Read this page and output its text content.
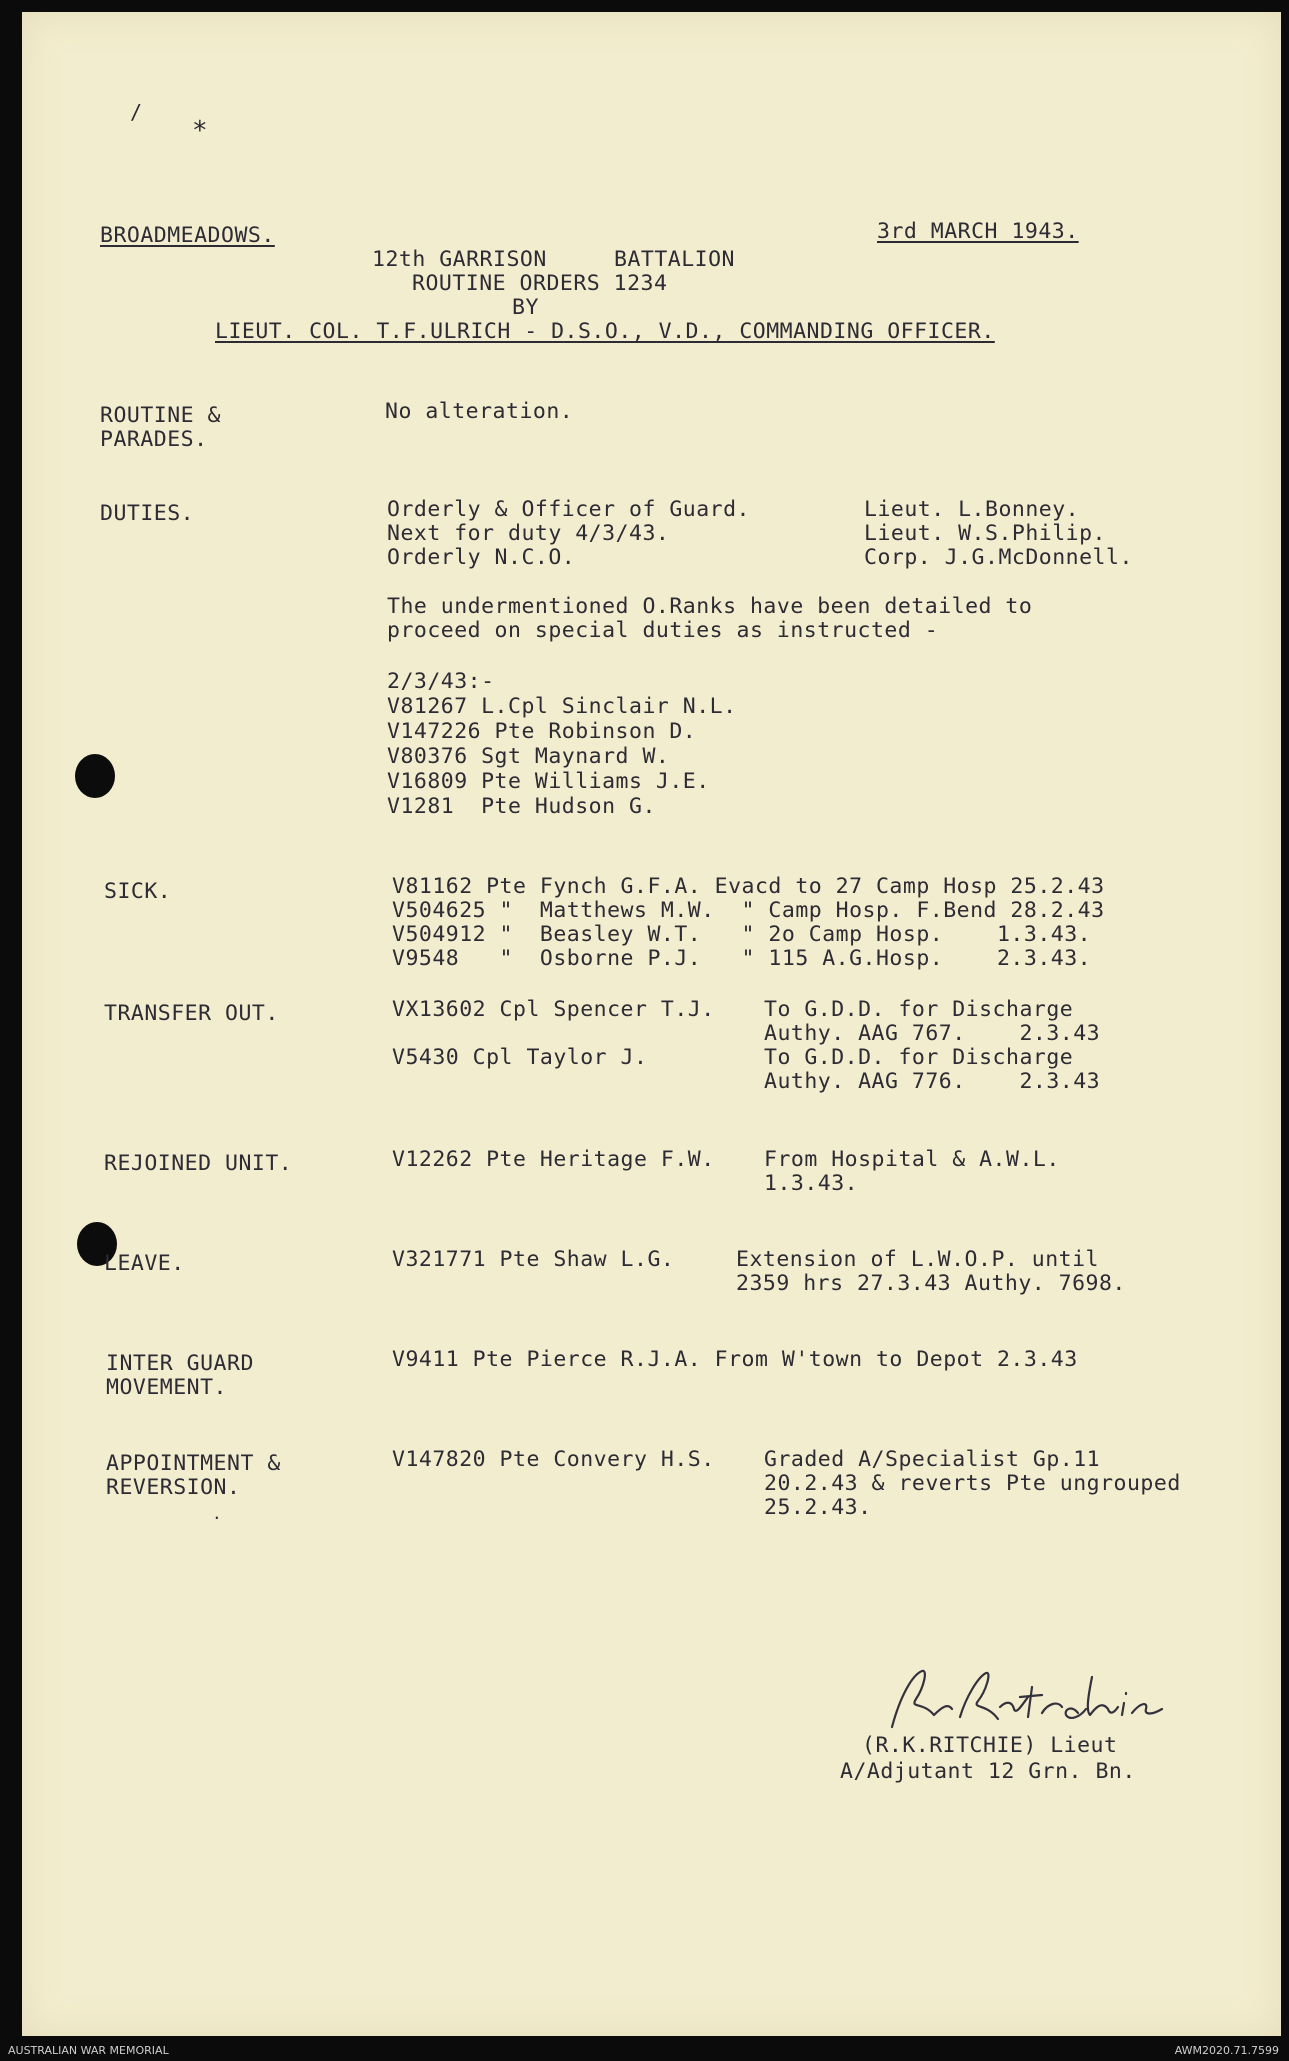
/
*
BROADMEADOWS.	3rd MARCH 1943.
12th GARRISON     BATTALION
ROUTINE ORDERS 1234
BY
LIEUT. COL. T.F.ULRICH - D.S.O., V.D., COMMANDING OFFICER.
ROUTINE &
PARADES.
No alteration.
DUTIES.	Orderly & Officer of Guard.	Lieut. L.Bonney.
Next for duty 4/3/43.	Lieut. W.S.Philip.
Orderly N.C.O.	Corp. J.G.McDonnell.
The undermentioned O.Ranks have been detailed to
proceed on special duties as instructed -
2/3/43:-
V81267 L.Cpl Sinclair N.L.
V147226 Pte Robinson D.
V80376 Sgt Maynard W.
V16809 Pte Williams J.E.
V1281  Pte Hudson G.
SICK.	V81162 Pte Fynch G.F.A. Evacd to 27 Camp Hosp 25.2.43
V504625 "  Matthews M.W.  " Camp Hosp. F.Bend 28.2.43
V504912 "  Beasley W.T.   " 2o Camp Hosp.    1.3.43.
V9548   "  Osborne P.J.   " 115 A.G.Hosp.    2.3.43.
TRANSFER OUT.	VX13602 Cpl Spencer T.J. To G.D.D. for Discharge
Authy. AAG 767.    2.3.43
V5430 Cpl Taylor J.	To G.D.D. for Discharge
Authy. AAG 776.    2.3.43
REJOINED UNIT.	V12262 Pte Heritage F.W. From Hospital & A.W.L.
1.3.43.
LEAVE.	V321771 Pte Shaw L.G.	Extension of L.W.O.P. until
2359 hrs 27.3.43 Authy. 7698.
INTER GUARD
MOVEMENT.
V9411 Pte Pierce R.J.A. From W'town to Depot 2.3.43
APPOINTMENT &
REVERSION.
V147820 Pte Convery H.S. Graded A/Specialist Gp.11
20.2.43 & reverts Pte ungrouped
25.2.43.
.
(R.K.RITCHIE) Lieut
A/Adjutant 12 Grn. Bn.
AUSTRALIAN WAR MEMORIAL	AWM2020.71.7599
